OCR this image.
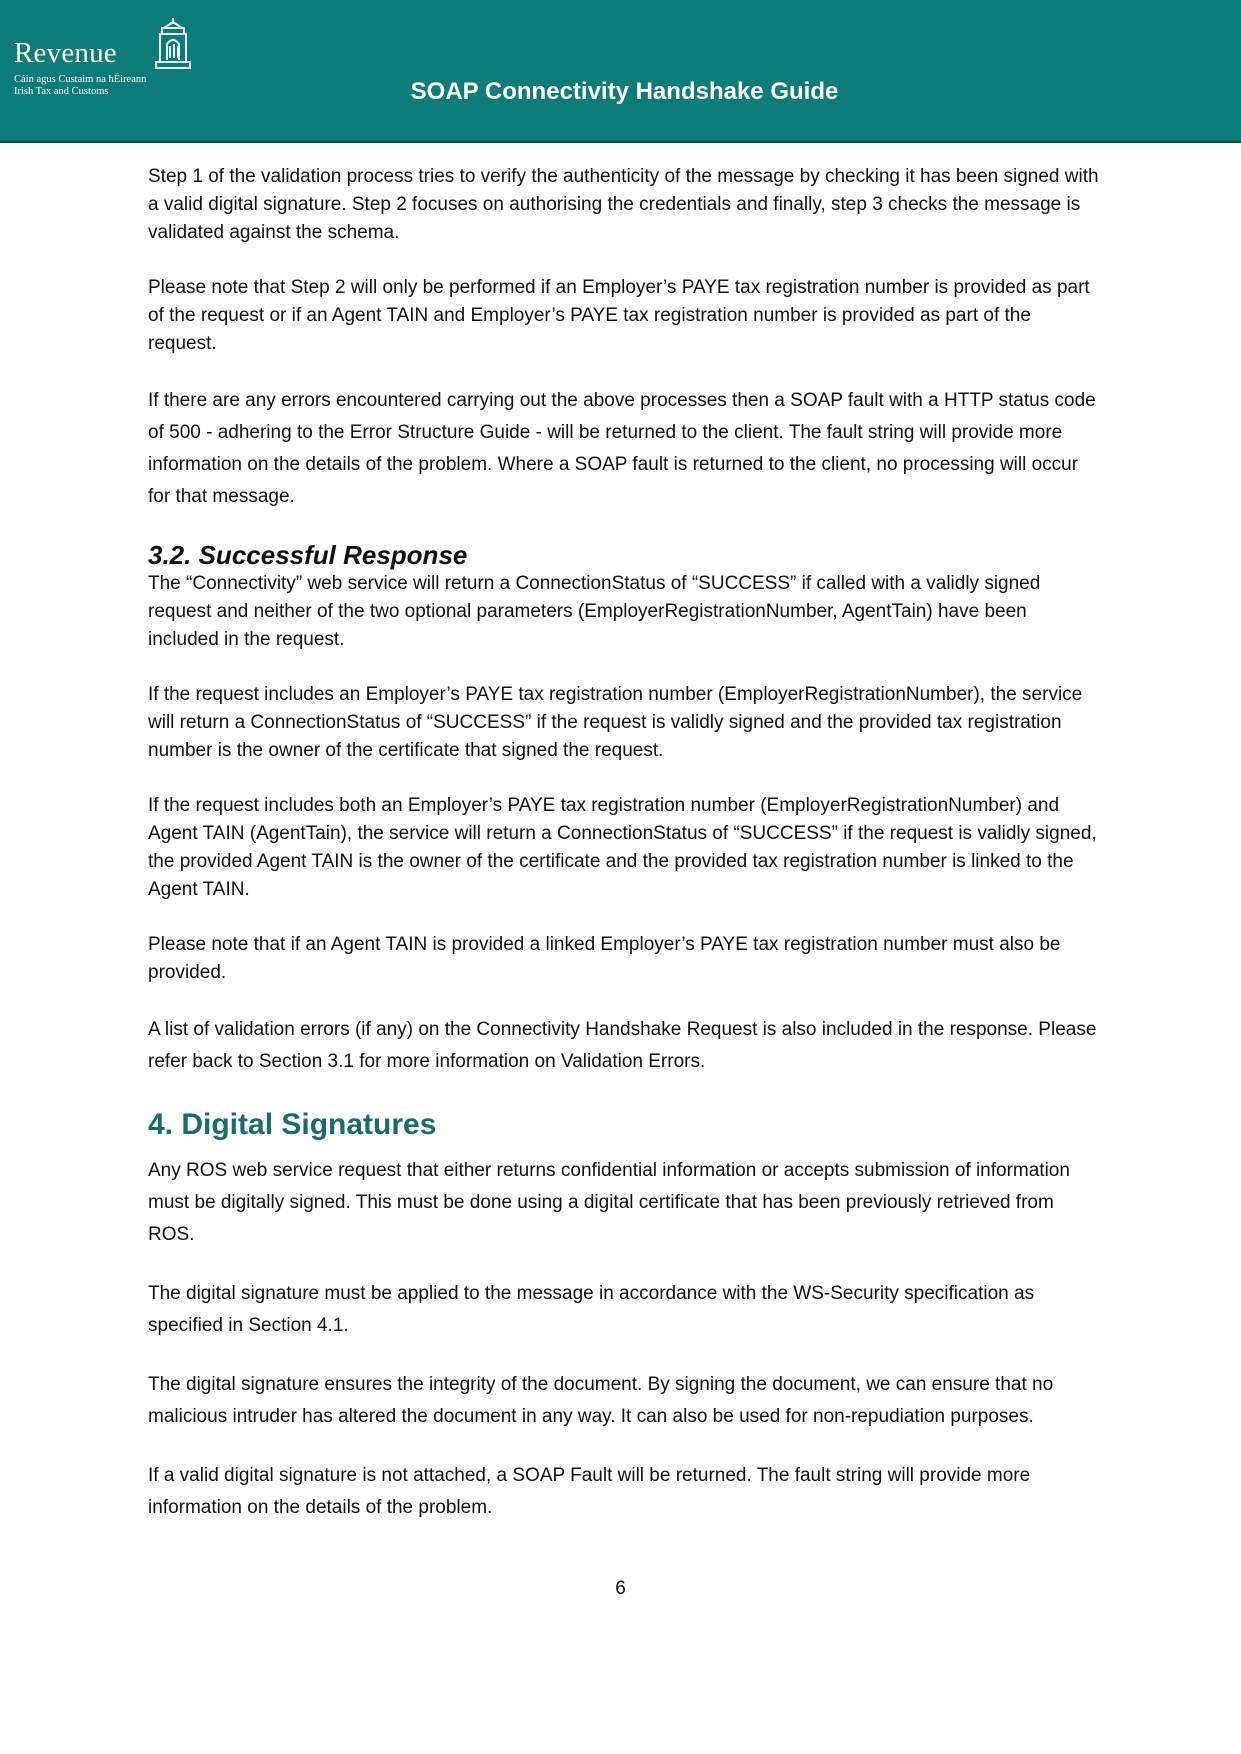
Revenue
Cáin agus Custaim na hÉireann
Irish Tax and Customs	SOAP Connectivity Handshake Guide

Step 1 of the validation process tries to verify the authenticity of the message by checking it has been signed with a valid digital signature. Step 2 focuses on authorising the credentials and finally, step 3 checks the message is validated against the schema.

Please note that Step 2 will only be performed if an Employer’s PAYE tax registration number is provided as part of the request or if an Agent TAIN and Employer’s PAYE tax registration number is provided as part of the request.

If there are any errors encountered carrying out the above processes then a SOAP fault with a HTTP status code of 500 - adhering to the Error Structure Guide - will be returned to the client. The fault string will provide more information on the details of the problem. Where a SOAP fault is returned to the client, no processing will occur for that message.

3.2. Successful Response

The “Connectivity” web service will return a ConnectionStatus of “SUCCESS” if called with a validly signed request and neither of the two optional parameters (EmployerRegistrationNumber, AgentTain) have been included in the request.

If the request includes an Employer’s PAYE tax registration number (EmployerRegistrationNumber), the service will return a ConnectionStatus of “SUCCESS” if the request is validly signed and the provided tax registration number is the owner of the certificate that signed the request.

If the request includes both an Employer’s PAYE tax registration number (EmployerRegistrationNumber) and Agent TAIN (AgentTain), the service will return a ConnectionStatus of “SUCCESS” if the request is validly signed, the provided Agent TAIN is the owner of the certificate and the provided tax registration number is linked to the Agent TAIN.

Please note that if an Agent TAIN is provided a linked Employer’s PAYE tax registration number must also be provided.

A list of validation errors (if any) on the Connectivity Handshake Request is also included in the response. Please refer back to Section 3.1 for more information on Validation Errors.

4. Digital Signatures

Any ROS web service request that either returns confidential information or accepts submission of information must be digitally signed. This must be done using a digital certificate that has been previously retrieved from ROS.

The digital signature must be applied to the message in accordance with the WS-Security specification as specified in Section 4.1.

The digital signature ensures the integrity of the document. By signing the document, we can ensure that no malicious intruder has altered the document in any way. It can also be used for non-repudiation purposes.

If a valid digital signature is not attached, a SOAP Fault will be returned. The fault string will provide more information on the details of the problem.

6
